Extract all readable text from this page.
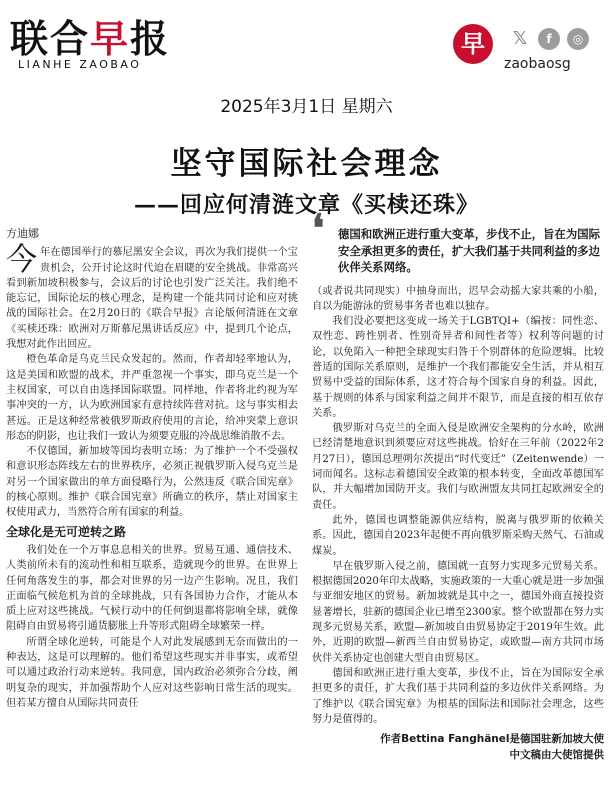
联合早报
LIANHE ZAOBAO
早	𝕏	f	◎
zaobaosg
2025年3月1日 星期六
坚守国际社会理念
——回应何清涟文章《买椟还珠》
方迪娜

今年在德国举行的慕尼黑安全会议，再次为我们提供一个宝贵机会，公开讨论这时代迫在眉睫的安全挑战。非常高兴看到新加坡积极参与，会议后的讨论也引发广泛关注。我们绝不能忘记，国际论坛的核心理念，是构建一个能共同讨论和应对挑战的国际社会。在2月20日的《联合早报》言论版何清涟在文章《买椟还珠：欧洲对万斯慕尼黑讲话反应》中，提到几个论点，我想对此作出回应。

橙色革命是乌克兰民众发起的。然而，作者却轻率地认为，这是美国和欧盟的战术，并严重忽视一个事实，即乌克兰是一个主权国家，可以自由选择国际联盟。同样地，作者将北约视为军事冲突的一方，认为欧洲国家有意持续阵营对抗。这与事实相去甚远。正是这种经常被俄罗斯政府使用的言论，给冲突蒙上意识形态的阴影，也让我们一致认为须要克服的冷战思维消散不去。

不仅德国，新加坡等国均表明立场：为了维护一个不受强权和意识形态阵线左右的世界秩序，必须正视俄罗斯入侵乌克兰是对另一个国家做出的单方面侵略行为，公然违反《联合国宪章》的核心原则。维护《联合国宪章》所确立的秩序，禁止对国家主权使用武力，当然符合所有国家的利益。

全球化是无可逆转之路

我们处在一个万事息息相关的世界。贸易互通、通信技术、人类前所未有的流动性和相互联系，造就现今的世界。在世界上任何角落发生的事，都会对世界的另一边产生影响。况且，我们正面临气候危机为首的全球挑战，只有各国协力合作，才能从本质上应对这些挑战。气候行动中的任何倒退都将影响全球，就像阻碍自由贸易将引通货膨胀上升等形式阻碍全球繁荣一样。

所谓全球化逆转，可能是个人对此发展感到无奈而做出的一种表达，这是可以理解的。他们希望这些现实并非事实，或希望可以通过政治行动来逆转。我同意，国内政治必须弥合分歧，阐明复杂的现实，并加强帮助个人应对这些影响日常生活的现实。但若某方擅自从国际共同责任

❛ 德国和欧洲正进行重大变革，步伐不止，旨在为国际安全承担更多的责任，扩大我们基于共同利益的多边伙伴关系网络。

（或者说共同现实）中抽身而出，迟早会动摇大家共乘的小船，自以为能游泳的贸易事务者也难以独存。

我们没必要把这变成一场关于LGBTQI+（编按：同性恋、双性恋、跨性别者、性别奇异者和间性者等）权利等问题的讨论，以免陷入一种把全球现实归咎于个别群体的危险逻辑。比较普适的国际关系原则，是维护一个我们都能安全生活，并从相互贸易中受益的国际体系，这才符合每个国家自身的利益。因此，基于规则的体系与国家利益之间并不限节，而是直接的相互依存关系。

俄罗斯对乌克兰的全面入侵是欧洲安全架构的分水岭，欧洲已经清楚地意识到须要应对这些挑战。恰好在三年前（2022年2月27日），德国总理朔尔茨提出“时代变迁”（Zeitenwende）一词而闻名。这标志着德国安全政策的根本转变，全面改革德国军队，并大幅增加国防开支。我们与欧洲盟友共同扛起欧洲安全的责任。

此外，德国也调整能源供应结构，脱离与俄罗斯的依赖关系。因此，德国自2023年起便不再向俄罗斯采购天然气、石油或煤炭。

早在俄罗斯入侵之前，德国就一直努力实现多元贸易关系。根据德国2020年印太战略，实施政策的一大重心就是进一步加强与亚细安地区的贸易。新加坡就是其中之一，德国外商直接投资显著增长，驻新的德国企业已增至2300家。整个欧盟都在努力实现多元贸易关系，欧盟—新加坡自由贸易协定于2019年生效。此外，近期的欧盟—新西兰自由贸易协定，或欧盟—南方共同市场伙伴关系协定也创建大型自由贸易区。

德国和欧洲正进行重大变革，步伐不止，旨在为国际安全承担更多的责任，扩大我们基于共同利益的多边伙伴关系网络。为了维护以《联合国宪章》为根基的国际法和国际社会理念，这些努力是值得的。

作者Bettina Fanghänel是德国驻新加坡大使
中文稿由大使馆提供
